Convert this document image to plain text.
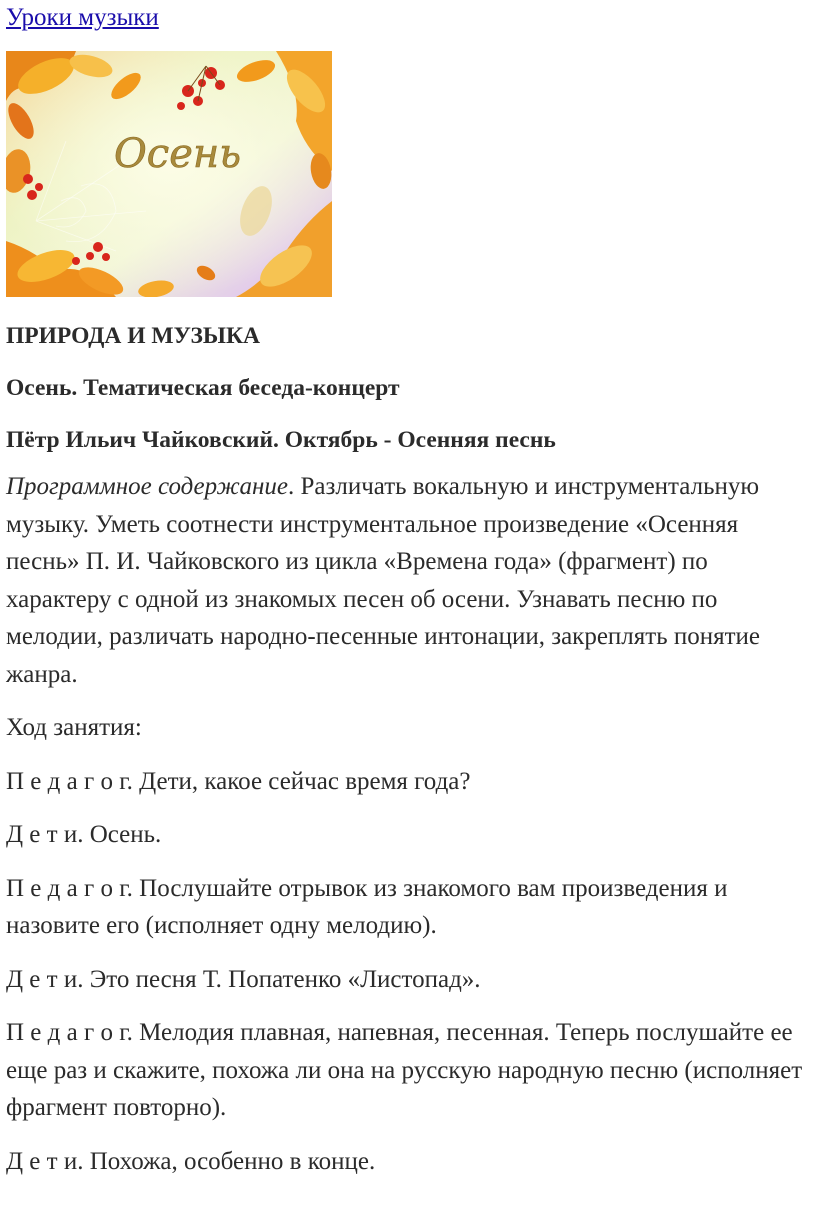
Уроки музыки
Осень
ПРИРОДА И МУЗЫКА
Осень. Тематическая беседа-концерт
Пётр Ильич Чайковский. Октябрь - Осенняя песнь

Программное содержание. Различать вокальную и инструментальную музыку. Уметь соотнести инструментальное произведение «Осенняя песнь» П. И. Чайковского из цикла «Времена года» (фрагмент) по характеру с одной из знакомых песен об осени. Узнавать песню по мелодии, различать народно-песенные интонации, закреплять понятие жанра.

Ход занятия:

П е д а г о г. Дети, какое сейчас время года?

Д е т и. Осень.

П е д а г о г. Послушайте отрывок из знакомого вам произведения и назовите его (исполняет одну мелодию).

Д е т и. Это песня Т. Попатенко «Листопад».

П е д а г о г. Мелодия плавная, напевная, песенная. Теперь послушайте ее еще раз и скажите, похожа ли она на русскую народную песню (исполняет фрагмент повторно).

Д е т и. Похожа, особенно в конце.
